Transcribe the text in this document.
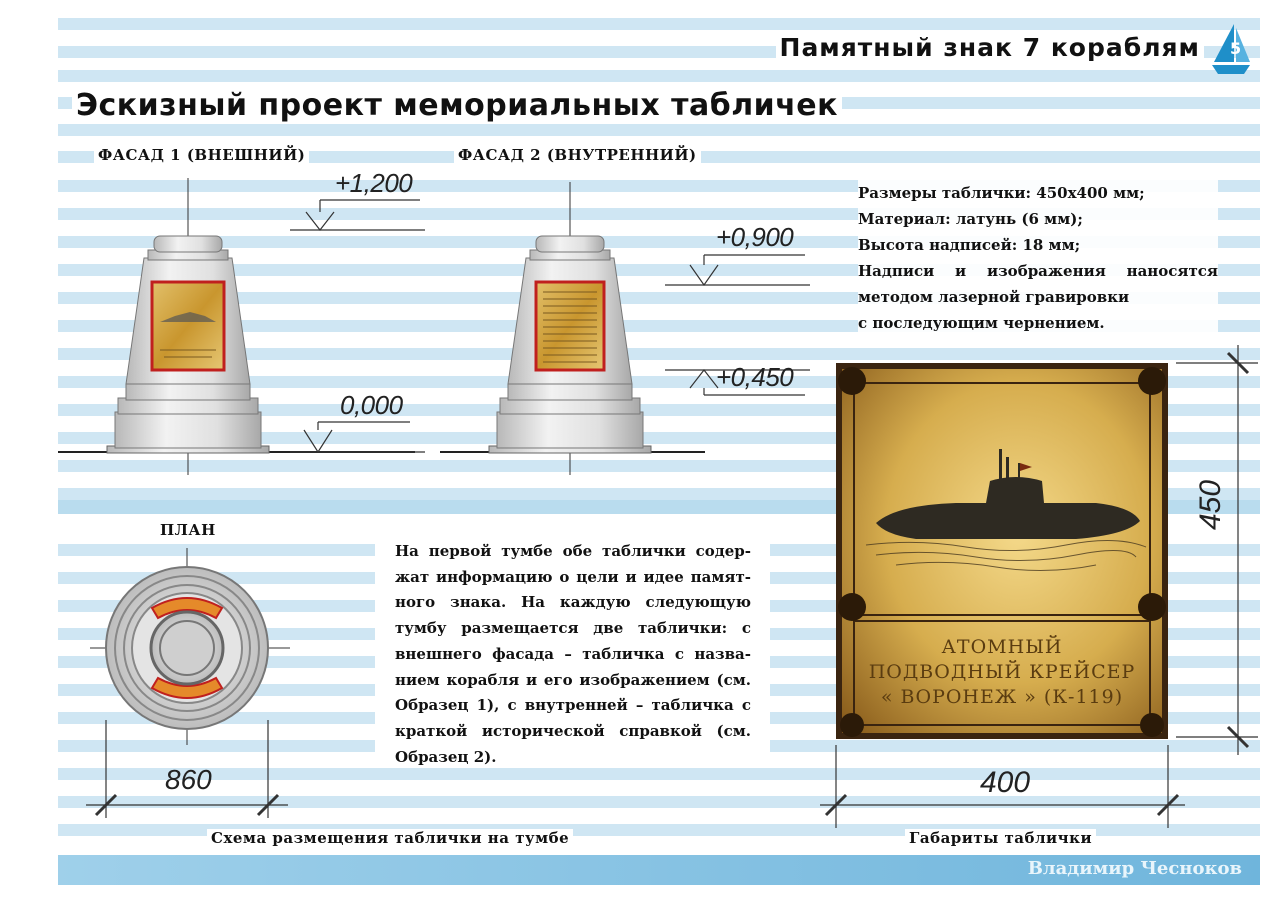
Памятный знак 7 кораблям 5
Эскизный проект мемориальных табличек
ФАСАД 1 (ВНЕШНИЙ)	ФАСАД 2 (ВНУТРЕННИЙ)
+1,200
0,000
+0,900
+0,450
Размеры таблички: 450х400 мм;
Материал: латунь (6 мм);
Высота надписей: 18 мм;
Надписи и изображения наносятся
методом лазерной гравировки
с последующим чернением.
ПЛАН
860
Схема размещения таблички на тумбе

На первой тумбе обе таблички содержат информацию о цели и идее памятного знака. На каждую следующую тумбу размещается две таблички: с внешнего фасада – табличка с названием корабля и его изображением (см. Образец 1), с внутренней – табличка с краткой исторической справкой (см. Образец 2).

АТОМНЫЙ
ПОДВОДНЫЙ КРЕЙСЕР
« ВОРОНЕЖ » (К-119)
400
450
Габариты таблички
Владимир Чесноков
